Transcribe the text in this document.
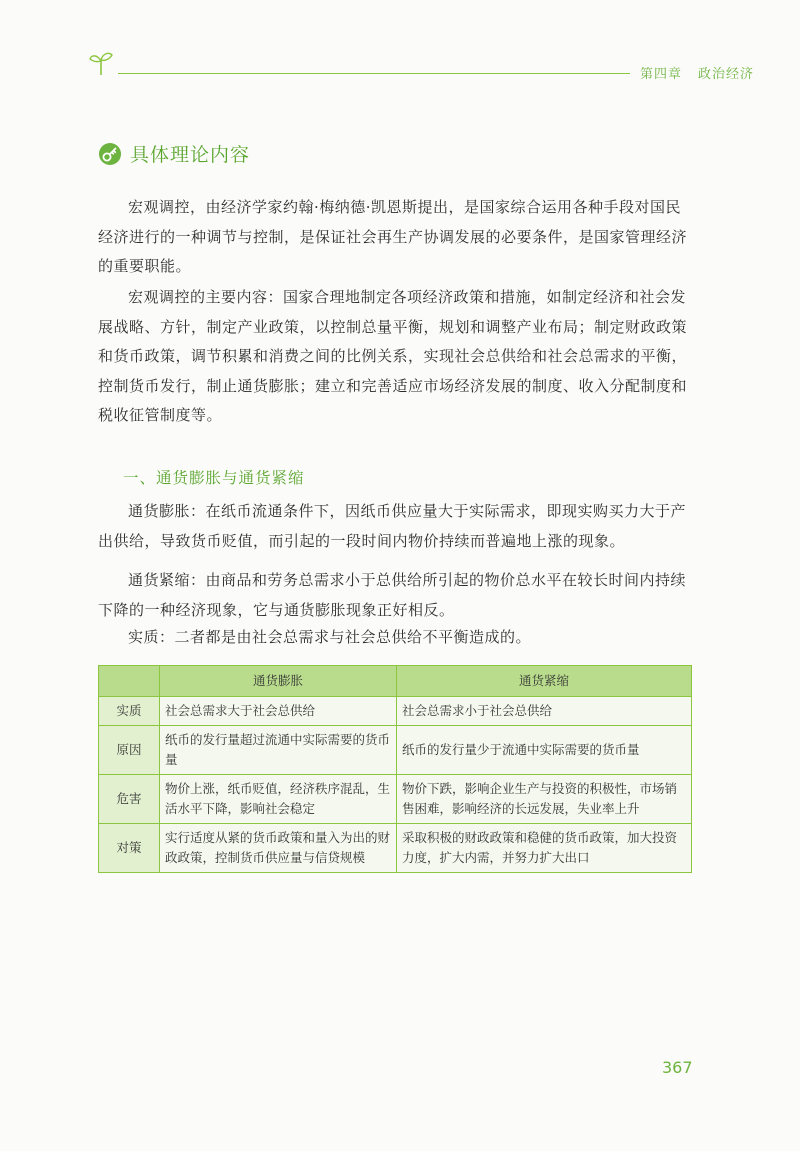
第四章 政治经济
具体理论内容

宏观调控，由经济学家约翰·梅纳德·凯恩斯提出，是国家综合运用各种手段对国民经济进行的一种调节与控制，是保证社会再生产协调发展的必要条件，是国家管理经济的重要职能。

宏观调控的主要内容：国家合理地制定各项经济政策和措施，如制定经济和社会发展战略、方针，制定产业政策，以控制总量平衡，规划和调整产业布局；制定财政政策和货币政策，调节积累和消费之间的比例关系，实现社会总供给和社会总需求的平衡，控制货币发行，制止通货膨胀；建立和完善适应市场经济发展的制度、收入分配制度和税收征管制度等。

一、通货膨胀与通货紧缩

通货膨胀：在纸币流通条件下，因纸币供应量大于实际需求，即现实购买力大于产出供给，导致货币贬值，而引起的一段时间内物价持续而普遍地上涨的现象。

通货紧缩：由商品和劳务总需求小于总供给所引起的物价总水平在较长时间内持续下降的一种经济现象，它与通货膨胀现象正好相反。

实质：二者都是由社会总需求与社会总供给不平衡造成的。

	通货膨胀	通货紧缩
实质	社会总需求大于社会总供给	社会总需求小于社会总供给
原因	纸币的发行量超过流通中实际需要的货币量	纸币的发行量少于流通中实际需要的货币量
危害	物价上涨，纸币贬值，经济秩序混乱，生活水平下降，影响社会稳定	物价下跌，影响企业生产与投资的积极性，市场销售困难，影响经济的长远发展，失业率上升
对策	实行适度从紧的货币政策和量入为出的财政政策，控制货币供应量与信贷规模	采取积极的财政政策和稳健的货币政策，加大投资力度，扩大内需，并努力扩大出口
367
